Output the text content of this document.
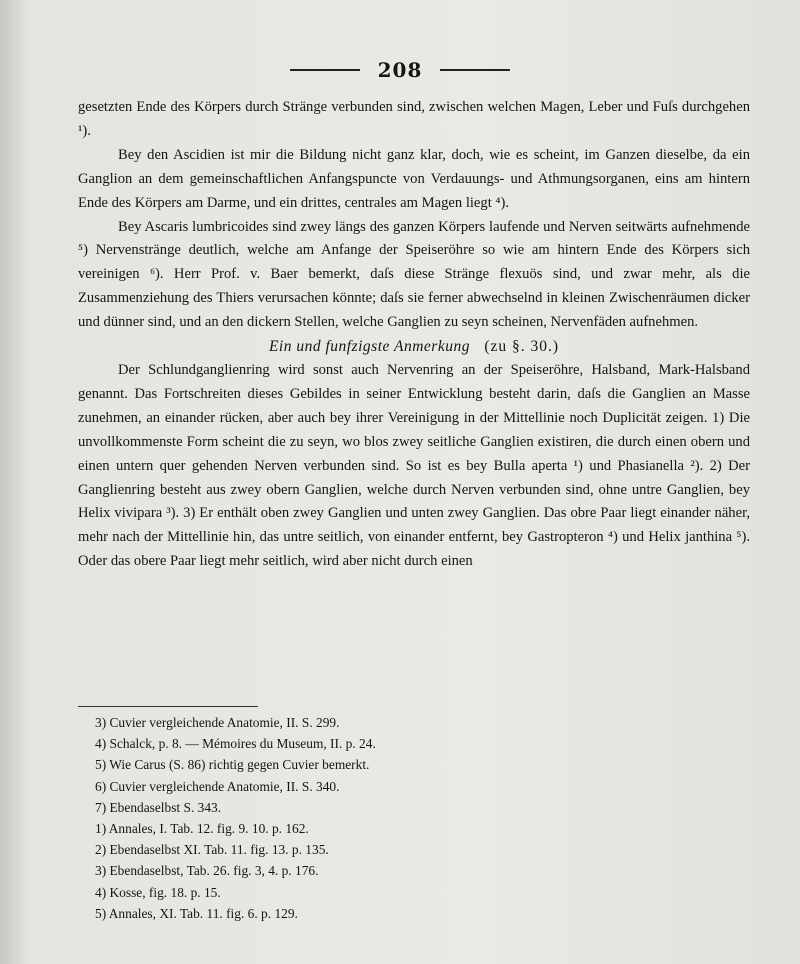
208

gesetzten Ende des Körpers durch Stränge verbunden sind, zwischen welchen Magen, Leber und Fuſs durchgehen ¹).

Bey den Ascidien ist mir die Bildung nicht ganz klar, doch, wie es scheint, im Ganzen dieselbe, da ein Ganglion an dem gemeinschaftlichen Anfangspuncte von Verdauungs- und Athmungsorganen, eins am hintern Ende des Körpers am Darme, und ein drittes, centrales am Magen liegt ⁴).

Bey Ascaris lumbricoides sind zwey längs des ganzen Körpers laufende und Nerven seitwärts aufnehmende ⁵) Nervenstränge deutlich, welche am Anfange der Speiseröhre so wie am hintern Ende des Körpers sich vereinigen ⁶). Herr Prof. v. Baer bemerkt, daſs diese Stränge flexuös sind, und zwar mehr, als die Zusammenziehung des Thiers verursachen könnte; daſs sie ferner abwechselnd in kleinen Zwischenräumen dicker und dünner sind, und an den dickern Stellen, welche Ganglien zu seyn scheinen, Nervenfäden aufnehmen.

Ein und funfzigste Anmerkung (zu §. 30.)

Der Schlundganglienring wird sonst auch Nervenring an der Speiseröhre, Halsband, Mark-Halsband genannt. Das Fortschreiten dieses Gebildes in seiner Entwicklung besteht darin, daſs die Ganglien an Masse zunehmen, an einander rücken, aber auch bey ihrer Vereinigung in der Mittellinie noch Duplicität zeigen. 1) Die unvollkommenste Form scheint die zu seyn, wo blos zwey seitliche Ganglien existiren, die durch einen obern und einen untern quer gehenden Nerven verbunden sind. So ist es bey Bulla aperta ¹) und Phasianella ²). 2) Der Ganglienring besteht aus zwey obern Ganglien, welche durch Nerven verbunden sind, ohne untre Ganglien, bey Helix vivipara ³). 3) Er enthält oben zwey Ganglien und unten zwey Ganglien. Das obre Paar liegt einander näher, mehr nach der Mittellinie hin, das untre seitlich, von einander entfernt, bey Gastropteron ⁴) und Helix janthina ⁵). Oder das obere Paar liegt mehr seitlich, wird aber nicht durch einen

3) Cuvier vergleichende Anatomie, II. S. 299.
4) Schalck, p. 8. — Mémoires du Museum, II. p. 24.
5) Wie Carus (S. 86) richtig gegen Cuvier bemerkt.
6) Cuvier vergleichende Anatomie, II. S. 340.
7) Ebendaselbst S. 343.
1) Annales, I. Tab. 12. fig. 9. 10. p. 162.
2) Ebendaselbst XI. Tab. 11. fig. 13. p. 135.
3) Ebendaselbst, Tab. 26. fig. 3, 4. p. 176.
4) Kosse, fig. 18. p. 15.
5) Annales, XI. Tab. 11. fig. 6. p. 129.
